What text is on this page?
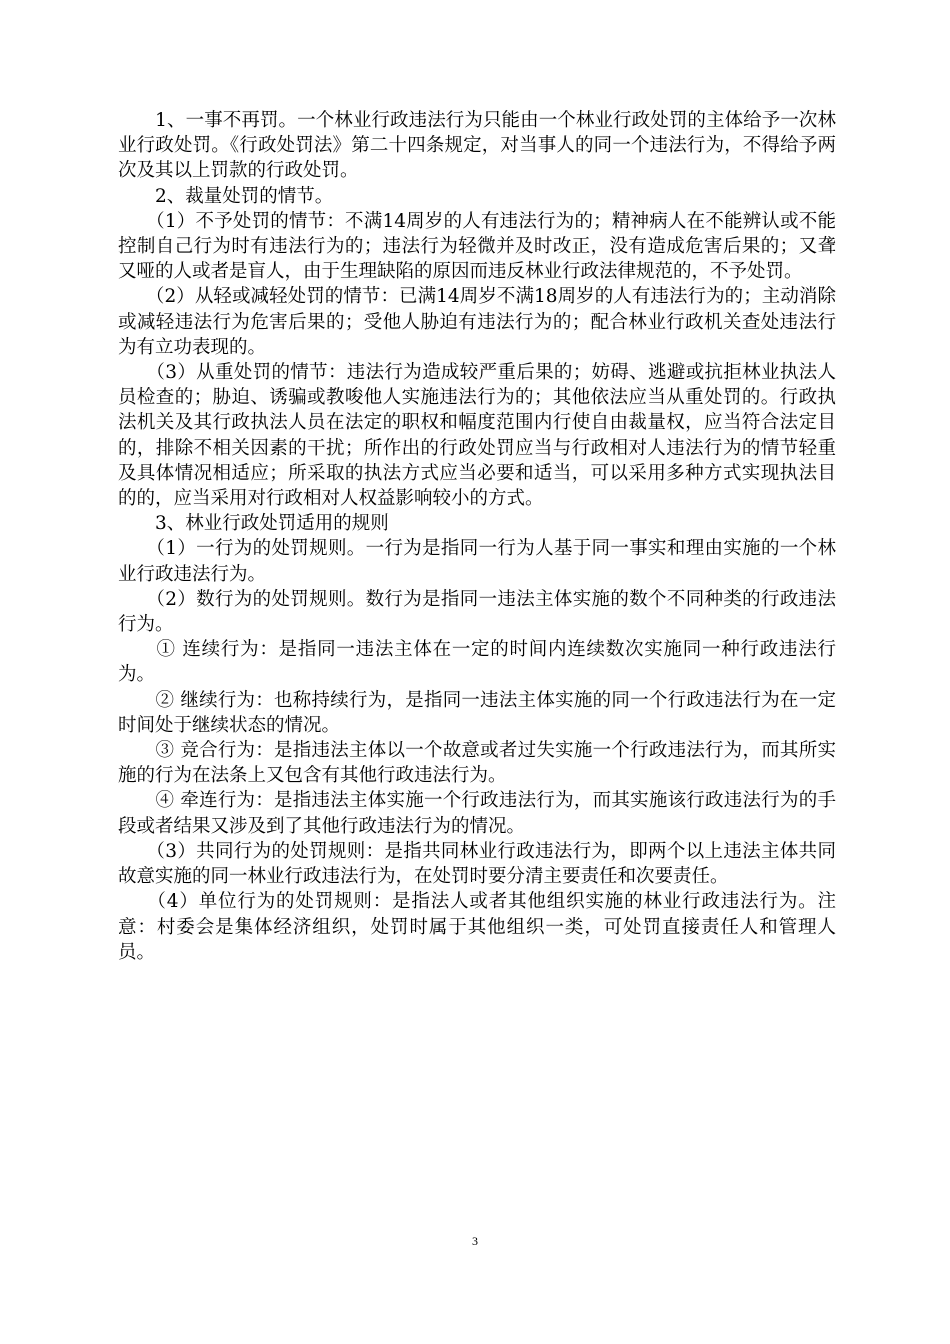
　　1、一事不再罚。一个林业行政违法行为只能由一个林业行政处罚的主体给予一次林业行政处罚。《行政处罚法》第二十四条规定，对当事人的同一个违法行为，不得给予两次及其以上罚款的行政处罚。

　　2、裁量处罚的情节。

　　（1）不予处罚的情节：不满14周岁的人有违法行为的；精神病人在不能辨认或不能控制自己行为时有违法行为的；违法行为轻微并及时改正，没有造成危害后果的；又聋又哑的人或者是盲人，由于生理缺陷的原因而违反林业行政法律规范的，不予处罚。

　　（2）从轻或减轻处罚的情节：已满14周岁不满18周岁的人有违法行为的；主动消除或减轻违法行为危害后果的；受他人胁迫有违法行为的；配合林业行政机关查处违法行为有立功表现的。

　　（3）从重处罚的情节：违法行为造成较严重后果的；妨碍、逃避或抗拒林业执法人员检查的；胁迫、诱骗或教唆他人实施违法行为的；其他依法应当从重处罚的。行政执法机关及其行政执法人员在法定的职权和幅度范围内行使自由裁量权，应当符合法定目的，排除不相关因素的干扰；所作出的行政处罚应当与行政相对人违法行为的情节轻重及具体情况相适应；所采取的执法方式应当必要和适当，可以采用多种方式实现执法目的的，应当采用对行政相对人权益影响较小的方式。

　　3、林业行政处罚适用的规则

　　（1）一行为的处罚规则。一行为是指同一行为人基于同一事实和理由实施的一个林业行政违法行为。

　　（2）数行为的处罚规则。数行为是指同一违法主体实施的数个不同种类的行政违法行为。

　　① 连续行为：是指同一违法主体在一定的时间内连续数次实施同一种行政违法行为。

　　② 继续行为：也称持续行为，是指同一违法主体实施的同一个行政违法行为在一定时间处于继续状态的情况。

　　③ 竞合行为：是指违法主体以一个故意或者过失实施一个行政违法行为，而其所实施的行为在法条上又包含有其他行政违法行为。

　　④ 牵连行为：是指违法主体实施一个行政违法行为，而其实施该行政违法行为的手段或者结果又涉及到了其他行政违法行为的情况。

　　（3）共同行为的处罚规则：是指共同林业行政违法行为，即两个以上违法主体共同故意实施的同一林业行政违法行为，在处罚时要分清主要责任和次要责任。

　　（4）单位行为的处罚规则：是指法人或者其他组织实施的林业行政违法行为。注意：村委会是集体经济组织，处罚时属于其他组织一类，可处罚直接责任人和管理人员。

3
